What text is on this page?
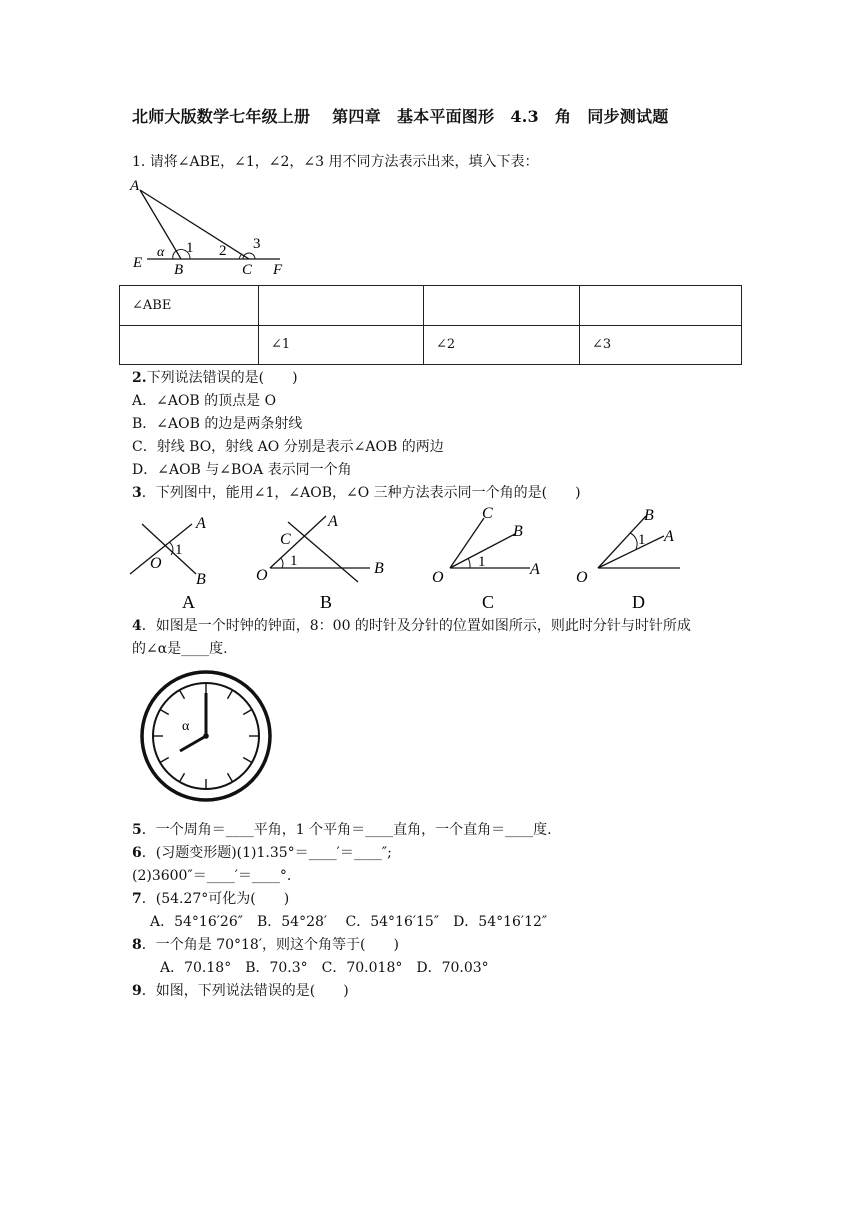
北师大版数学七年级上册　 第四章　基本平面图形　4.3　角　同步测试题
1. 请将∠ABE，∠1，∠2，∠3 用不同方法表示出来，填入下表：
A
E B	C F
α 1 2 3
∠ABE			
	∠1	∠2	∠3
2.下列说法错误的是(　　)
A．∠AOB 的顶点是 O
B．∠AOB 的边是两条射线
C．射线 BO，射线 AO 分别是表示∠AOB 的两边
D．∠AOB 与∠BOA 表示同一个角
3．下列图中，能用∠1，∠AOB，∠O 三种方法表示同一个角的是(　　)
A
O
1
B
A
A
C
O
1	B
B
C
B
O
1	A
C
B
A
O
1
D
4．如图是一个时钟的钟面，8：00 的时针及分针的位置如图所示，则此时分针与时针所成
的∠α是____度.
α
5．一个周角＝____平角，1 个平角＝____直角，一个直角＝____度.
6．(习题变形题)(1)1.35°＝____′＝____″;
(2)3600″＝____′＝____°.
7．(54.27°可化为(　　)
A．54°16′26″　B．54°28′　 C．54°16′15″　D．54°16′12″
8．一个角是 70°18′，则这个角等于(　　)
A．70.18°　B．70.3°　C．70.018°　D．70.03°
9．如图，下列说法错误的是(　　)
